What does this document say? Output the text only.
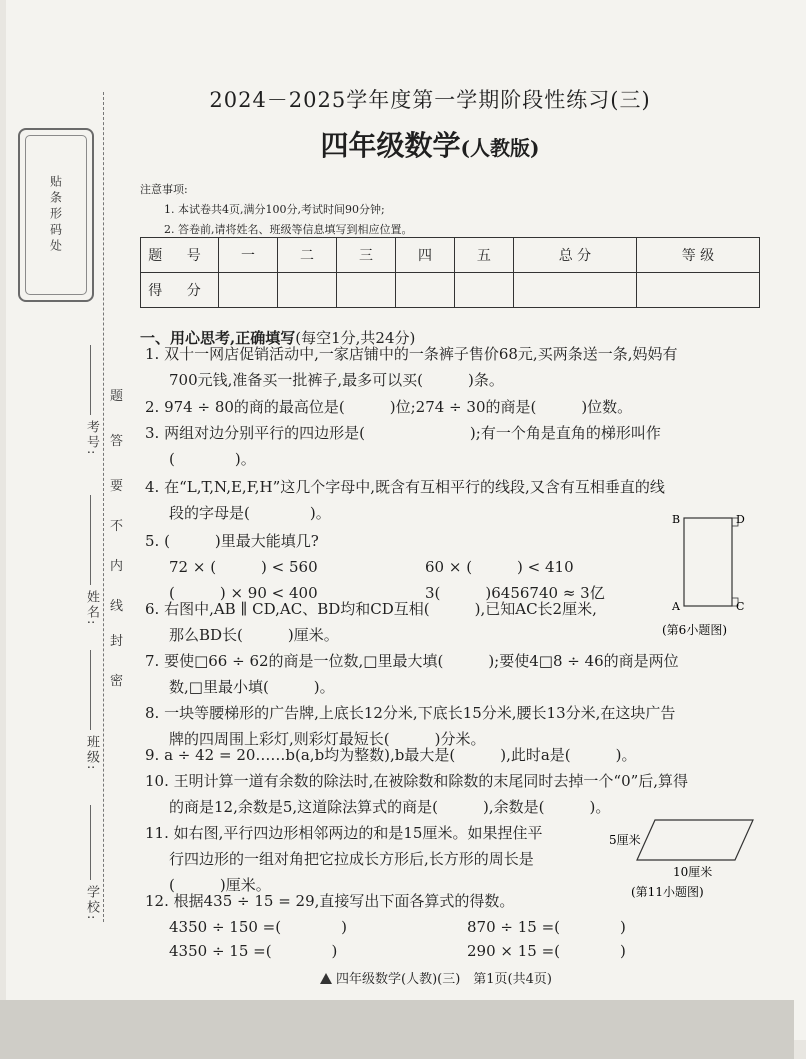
贴条形码处
考号:
姓名:
班级:
学校:
题
答
要
不
内
线
封
密
2024－2025学年度第一学期阶段性练习(三)
四年级数学(人教版)
注意事项:
1. 本试卷共4页,满分100分,考试时间90分钟;
2. 答卷前,请将姓名、班级等信息填写到相应位置。
题 号	一	二	三	四	五	总 分	等 级
得 分							
一、用心思考,正确填写(每空1分,共24分)
1. 双十一网店促销活动中,一家店铺中的一条裤子售价68元,买两条送一条,妈妈有
700元钱,准备买一批裤子,最多可以买(　　　)条。
2. 974 ÷ 80的商的最高位是(　　　)位;274 ÷ 30的商是(　　　)位数。
3. 两组对边分别平行的四边形是(　　　　　　　);有一个角是直角的梯形叫作
(　　　　)。
4. 在“L,T,N,E,F,H”这几个字母中,既含有互相平行的线段,又含有互相垂直的线
段的字母是(　　　　)。
5. (　　　)里最大能填几?
72 × (　　　) < 560	60 × (　　　) < 410
(　　　) × 90 < 400	3(　　　)6456740 ≈ 3亿
6. 右图中,AB ∥ CD,AC、BD均和CD互相(　　　),已知AC长2厘米,
那么BD长(　　　)厘米。
B	D
A	C
(第6小题图)
7. 要使□66 ÷ 62的商是一位数,□里最大填(　　　);要使4□8 ÷ 46的商是两位
数,□里最小填(　　　)。
8. 一块等腰梯形的广告牌,上底长12分米,下底长15分米,腰长13分米,在这块广告
牌的四周围上彩灯,则彩灯最短长(　　　)分米。
9. a ÷ 42 = 20……b(a,b均为整数),b最大是(　　　),此时a是(　　　)。
10. 王明计算一道有余数的除法时,在被除数和除数的末尾同时去掉一个“0”后,算得
的商是12,余数是5,这道除法算式的商是(　　　),余数是(　　　)。
11. 如右图,平行四边形相邻两边的和是15厘米。如果捏住平
行四边形的一组对角把它拉成长方形后,长方形的周长是
(　　　)厘米。
5厘米
10厘米
(第11小题图)
12. 根据435 ÷ 15 = 29,直接写出下面各算式的得数。
4350 ÷ 150 =(　　　　)	870 ÷ 15 =(　　　　)
4350 ÷ 15 =(　　　　)	290 × 15 =(　　　　)
四年级数学(人教)(三)　第1页(共4页)
